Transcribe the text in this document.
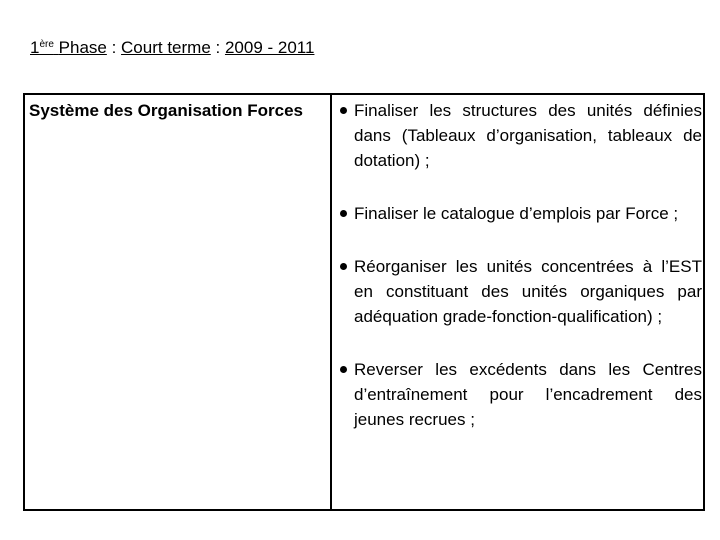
1ère Phase : Court terme : 2009 - 2011
Système des Organisation Forces	Finaliser les structures des unités définies dans (Tableaux d’organisation, tableaux de dotation) ;
Finaliser le catalogue d’emplois par Force ;
Réorganiser les unités concentrées à l’EST en constituant des unités organiques par adéquation grade-fonction-qualification) ;
Reverser les excédents dans les Centres d’entraînement pour l’encadrement des jeunes recrues ;
